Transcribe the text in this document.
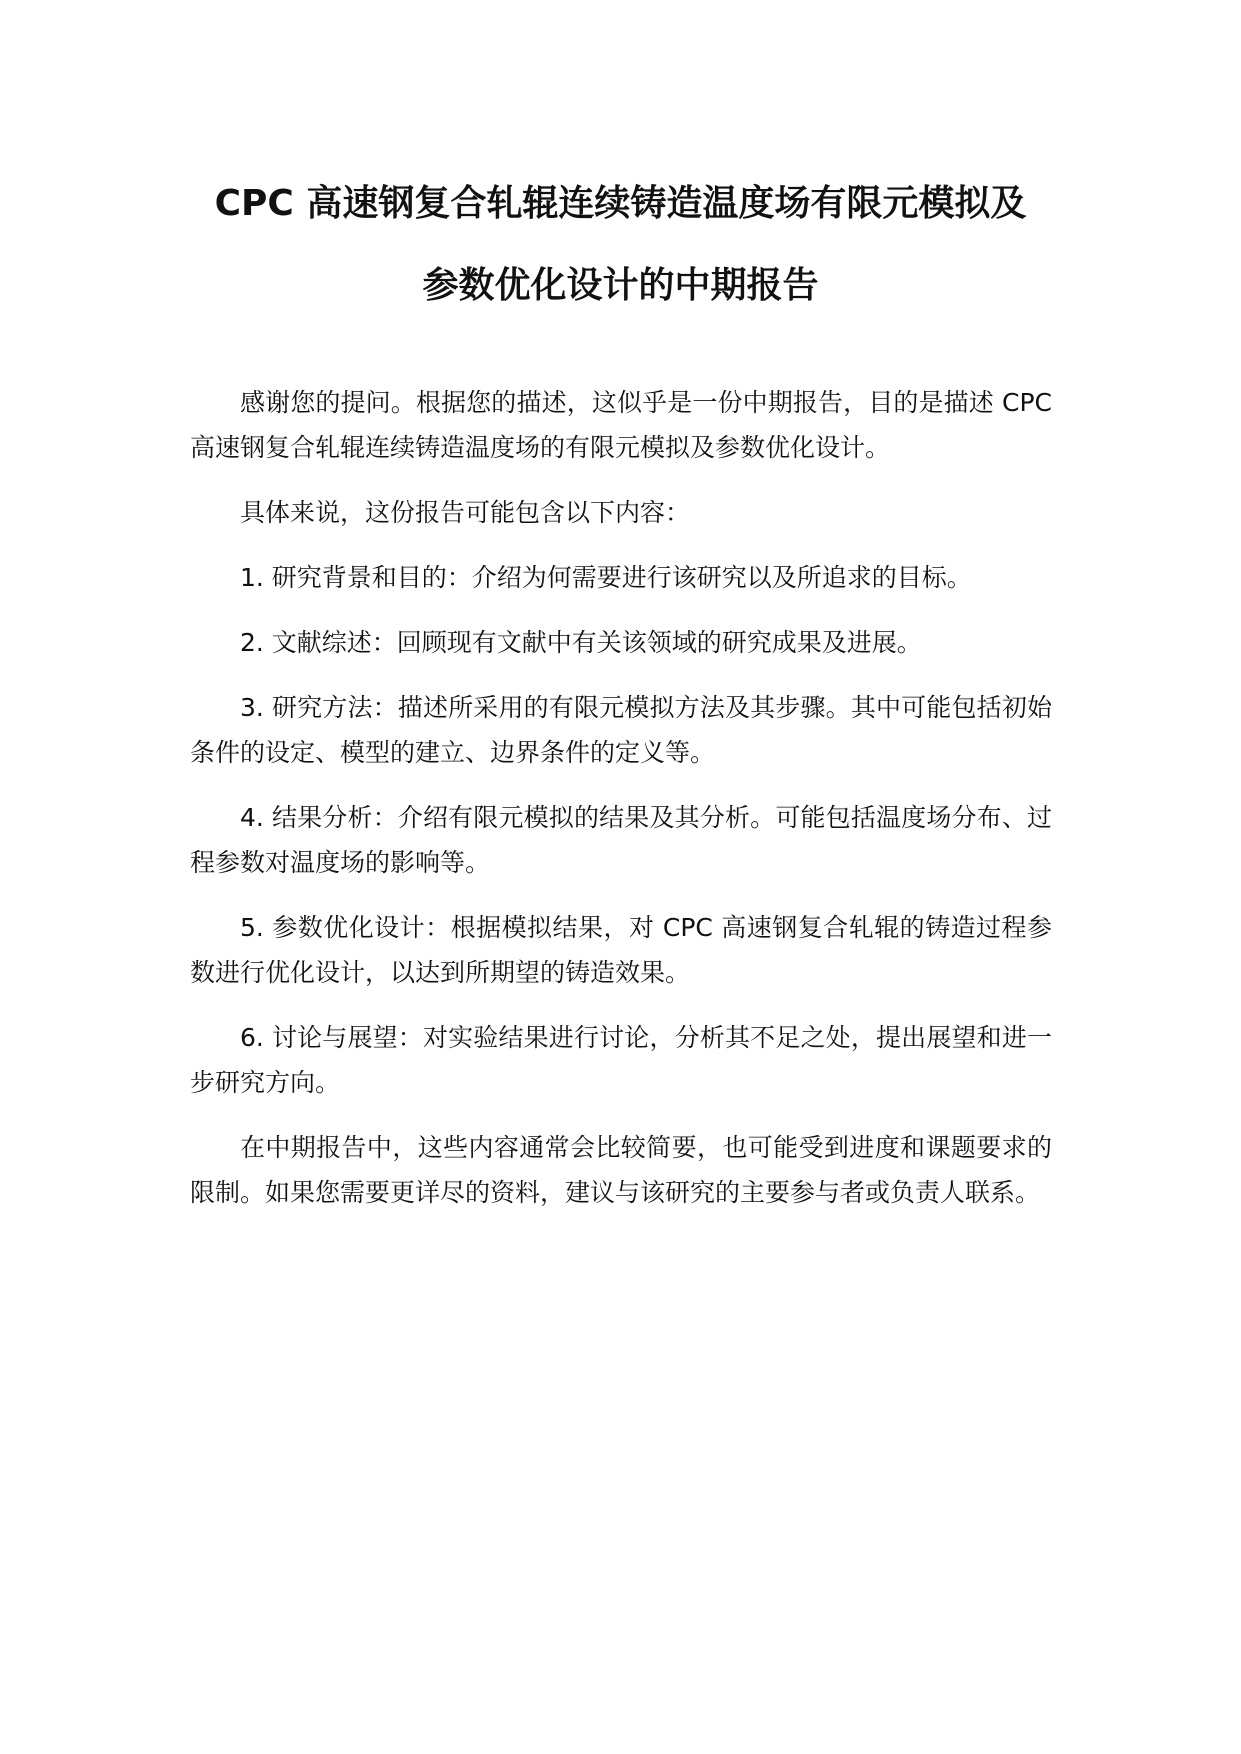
CPC 高速钢复合轧辊连续铸造温度场有限元模拟及
参数优化设计的中期报告

感谢您的提问。根据您的描述，这似乎是一份中期报告，目的是描述 CPC 高速钢复合轧辊连续铸造温度场的有限元模拟及参数优化设计。

具体来说，这份报告可能包含以下内容：

1. 研究背景和目的：介绍为何需要进行该研究以及所追求的目标。

2. 文献综述：回顾现有文献中有关该领域的研究成果及进展。

3. 研究方法：描述所采用的有限元模拟方法及其步骤。其中可能包括初始条件的设定、模型的建立、边界条件的定义等。

4. 结果分析：介绍有限元模拟的结果及其分析。可能包括温度场分布、过程参数对温度场的影响等。

5. 参数优化设计：根据模拟结果，对 CPC 高速钢复合轧辊的铸造过程参数进行优化设计，以达到所期望的铸造效果。

6. 讨论与展望：对实验结果进行讨论，分析其不足之处，提出展望和进一步研究方向。

在中期报告中，这些内容通常会比较简要，也可能受到进度和课题要求的限制。如果您需要更详尽的资料，建议与该研究的主要参与者或负责人联系。
